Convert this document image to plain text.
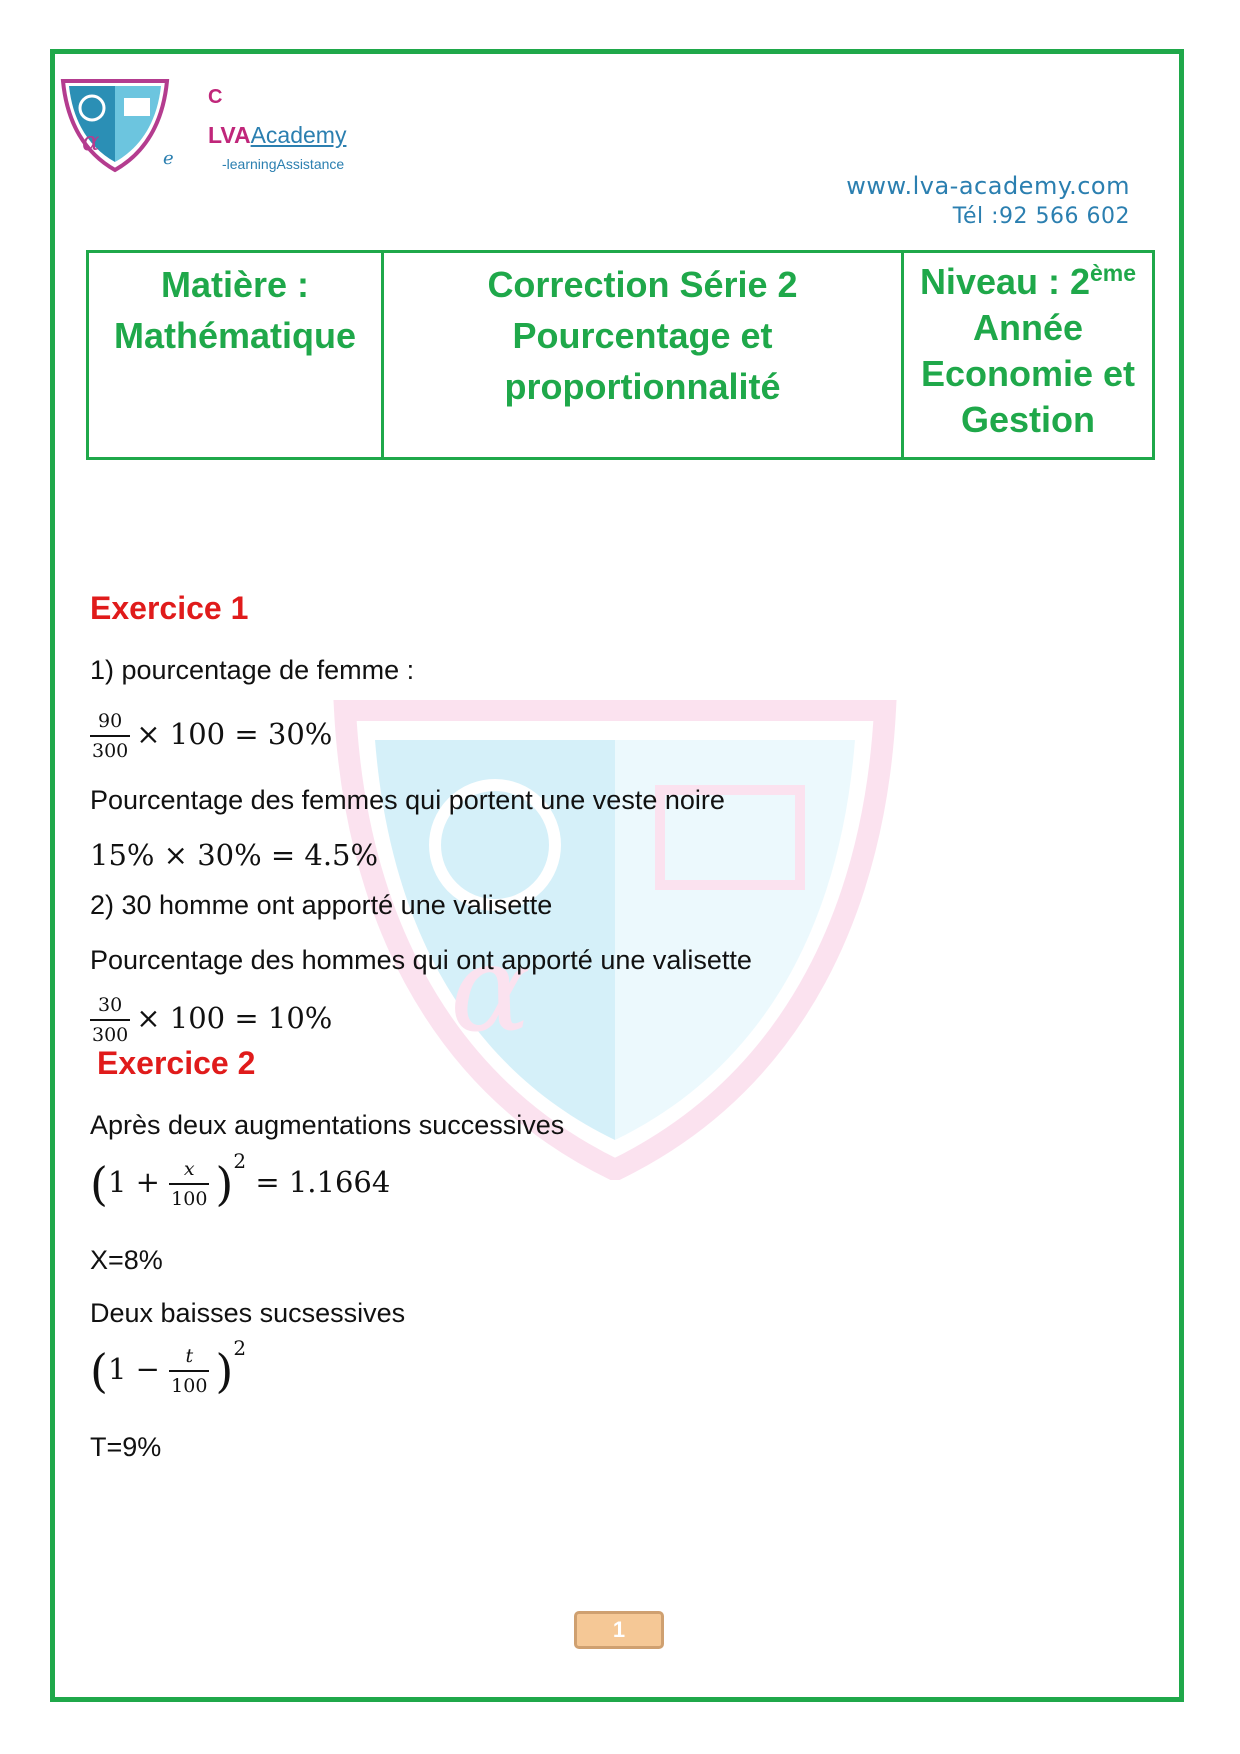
α
α
C
LVAAcademy
e	-learningAssistance
www.lva-academy.com
Tél :92 566 602
Matière :
Mathématique

Correction Série 2
Pourcentage et
proportionnalité

Niveau : 2ème
Année
Economie et
Gestion
Exercice 1
1) pourcentage de femme :
$\frac{90}{300} \times 100 = 30\%$
Pourcentage des femmes qui portent une veste noire
15% × 30% = 4.5%
2) 30 homme ont apporté une valisette
Pourcentage des hommes qui ont apporté une valisette
$\frac{30}{300} \times 100 = 10\%$
Exercice 2
Après deux augmentations successives
$(1 + \frac{x}{100} )^2 = 1.1664$
X=8%
Deux baisses sucsessives
$(1 - \frac{t}{100} )^2$
T=9%
1
